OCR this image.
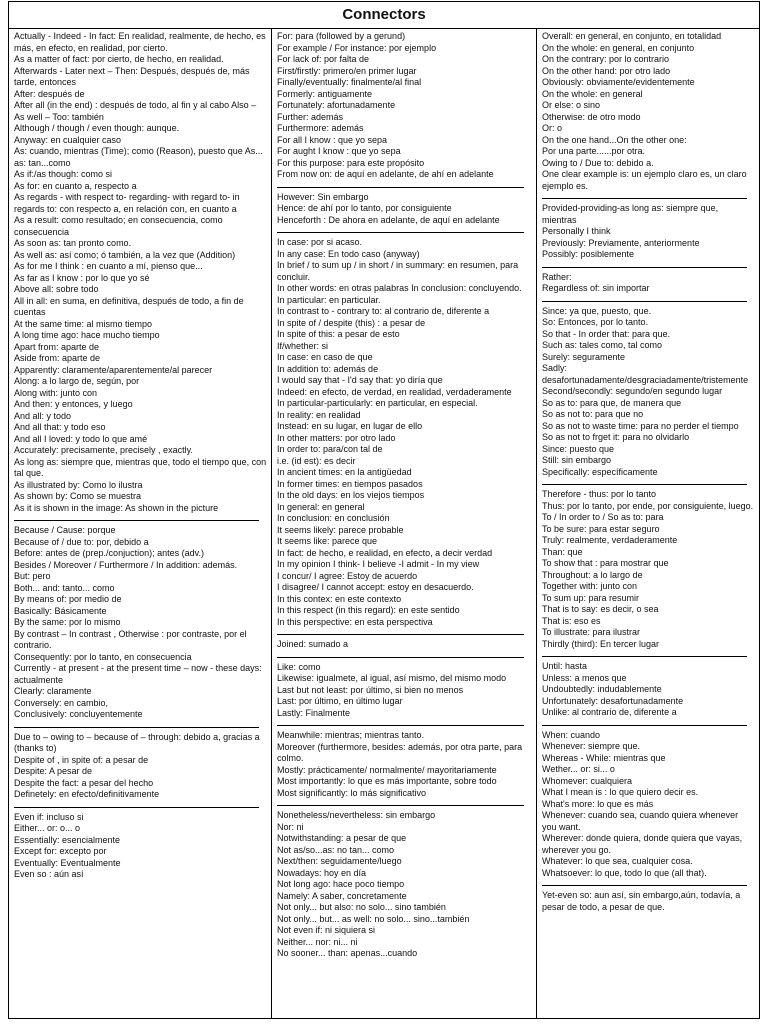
Connectors
Actually - Indeed - In fact: En realidad, realmente, de hecho, es más, en efecto, en realidad, por cierto.
As a matter of fact: por cierto, de hecho, en realidad.
Afterwards - Later next – Then: Después, después de, más tarde, entonces
After: después de
After all (in the end) : después de todo, al fin y al cabo Also – As well – Too: también
Although / though / even though: aunque.
Anyway: en cualquier caso
As: cuando, mientras (Time); como (Reason), puesto que As... as: tan...como
As if:/as though: como si
As for: en cuanto a, respecto a
As regards - with respect to- regarding- with regard to- in regards to: con respecto a, en relación con, en cuanto a
As a result: como resultado; en consecuencia, como consecuencia
As soon as: tan pronto como.
As well as: así como; ó también, a la vez que (Addition)
As for me I think : en cuanto a mí, pienso que...
As far as I know : por lo que yo sé
Above all: sobre todo
All in all: en suma, en definitiva, después de todo, a fin de cuentas
At the same time: al mismo tiempo
A long time ago: hace mucho tiempo
Apart from: aparte de
Aside from: aparte de
Apparently: claramente/aparentemente/al parecer
Along: a lo largo de, según, por
Along with: junto con
And then: y entonces, y luego
And all: y todo
And all that: y todo eso
And all I loved: y todo lo que amé
Accurately: precisamente, precisely , exactly.
As long as: siempre que, mientras que, todo el tiempo que, con tal que.
As illustrated by: Como lo ilustra
As shown by: Como se muestra
As it is shown in the image: As shown in the picture
Because / Cause: porque
Because of / due to: por, debido a
Before: antes de (prep./conjuction); antes (adv.)
Besides / Moreover / Furthermore / In addition: además.
But: pero
Both... and: tanto... como
By means of: por medio de
Basically: Básicamente
By the same: por lo mismo
By contrast – In contrast , Otherwise : por contraste, por el contrario.
Consequently: por lo tanto, en consecuencia
Currently - at present - at the present time – now - these days: actualmente
Clearly: claramente
Conversely: en cambio,
Conclusively: concluyentemente
Due to – owing to – because of – through: debido a, gracias a (thanks to)
Despite of , in spite of: a pesar de
Despite: A pesar de
Despite the fact: a pesar del hecho
Definetely: en efecto/definitivamente
Even if: incluso si
Either... or: o... o
Essentially: esencialmente
Except for: excepto por
Eventually: Eventualmente
Even so : aún así
For: para (followed by a gerund)
For example / For instance: por ejemplo
For lack of: por falta de
First/firstly: primero/en primer lugar
Finally/eventually: finalmente/al final
Formerly: antiguamente
Fortunately: afortunadamente
Further: además
Furthermore: además
For all I know : que yo sepa
For aught I know : que yo sepa
For this purpose: para este propósito
From now on: de aquí en adelante, de ahí en adelante
However: Sin embargo
Hence: de ahí por lo tanto, por consiguiente
Henceforth : De ahora en adelante, de aquí en adelante
In case: por si acaso.
In any case: En todo caso (anyway)
In brief / to sum up / in short / in summary: en resumen, para concluir.
In other words: en otras palabras In conclusion: concluyendo.
In particular: en particular.
In contrast to - contrary to: al contrario de, diferente a
In spite of / despite (this) : a pesar de
In spite of this: a pesar de esto
If/whether: si
In case: en caso de que
In addition to: además de
I would say that - I'd say that: yo diría que
Indeed: en efecto, de verdad, en realidad, verdaderamente
In particular-particularly: en particular, en especial.
In reality: en realidad
Instead: en su lugar, en lugar de ello
In other matters: por otro lado
In order to: para/con tal de
i.e. (id est): es decir
In ancient times: en la antigüedad
In former times: en tiempos pasados
In the old days: en los viejos tiempos
In general: en general
In conclusion: en conclusión
It seems likely: parece probable
It seems like: parece que
In fact: de hecho, e realidad, en efecto, a decir verdad
In my opinion I think- I believe -I admit - In my view
I concur/ I agree: Estoy de acuerdo
I disagree/ I cannot accept: estoy en desacuerdo.
In this contex: en este contexto
In this respect (in this regard): en este sentido
In this perspective: en esta perspectiva
Joined: sumado a
Like: como
Likewise: igualmete, al igual, así mismo, del mismo modo
Last but not least: por último, si bien no menos
Last: por último, en último lugar
Lastly: Finalmente
Meanwhile: mientras; mientras tanto.
Moreover (furthermore, besides: además, por otra parte, para colmo.
Mostly: prácticamente/ normalmente/ mayoritariamente
Most importantly: lo que es más importante, sobre todo
Most significantly: lo más significativo
Nonetheless/nevertheless: sin embargo
Nor: ni
Notwithstanding: a pesar de que
Not as/so...as: no tan... como
Next/then: seguidamente/luego
Nowadays: hoy en día
Not long ago: hace poco tiempo
Namely: A saber, concretamente
Not only... but also: no solo... sino también
Not only... but... as well: no solo... sino...también
Not even if: ni siquiera si
Neither... nor: ni... ni
No sooner... than: apenas...cuando
Overall: en general, en conjunto, en totalidad
On the whole: en general, en conjunto
On the contrary: por lo contrario
On the other hand: por otro lado
Obviously: obviamente/evidentemente
On the whole: en general
Or else: o sino
Otherwise: de otro modo
Or: o
On the one hand...On the other one:
Por una parte......por otra.
Owing to / Due to: debido a.
One clear example is: un ejemplo claro es, un claro ejemplo es.
Provided-providing-as long as: siempre que, mientras
Personally I think
Previously: Previamente, anteriormente
Possibly: posiblemente
Rather:
Regardless of: sin importar
Since: ya que, puesto, que.
So: Entonces, por lo tanto.
So that - In order that: para que.
Such as: tales como, tal como
Surely: seguramente
Sadly: desafortunadamente/desgraciadamente/tristemente
Second/secondly: segundo/en segundo lugar
So as to: para que, de manera que
So as not to: para que no
So as not to waste time: para no perder el tiempo
So as not to frget it: para no olvidarlo
Since: puesto que
Still: sin embargo
Specifically: específicamente
Therefore - thus: por lo tanto
Thus: por lo tanto, por ende, por consiguiente, luego.
To / In order to / So as to: para
To be sure: para estar seguro
Truly: realmente, verdaderamente
Than: que
To show that : para mostrar que
Throughout: a lo largo de
Together with: junto con
To sum up: para resumir
That is to say: es decir, o sea
That is: eso es
To illustrate: para ilustrar
Thirdly (third): En tercer lugar
Until: hasta
Unless: a menos que
Undoubtedly: indudablemente
Unfortunately: desafortunadamente
Unlike: al contrario de, diferente a
When: cuando
Whenever: siempre que.
Whereas - While: mientras que
Wether... or: si... o
Whomever: cualquiera
What I mean is : lo que quiero decir es.
What's more: lo que es más
Whenever: cuando sea, cuando quiera whenever you want.
Wherever: donde quiera, donde quiera que vayas, wherever you go.
Whatever: lo que sea, cualquier cosa.
Whatsoever: lo que, todo lo que (all that).
Yet-even so: aun así, sin embargo,aún, todavía, a pesar de todo, a pesar de que.
